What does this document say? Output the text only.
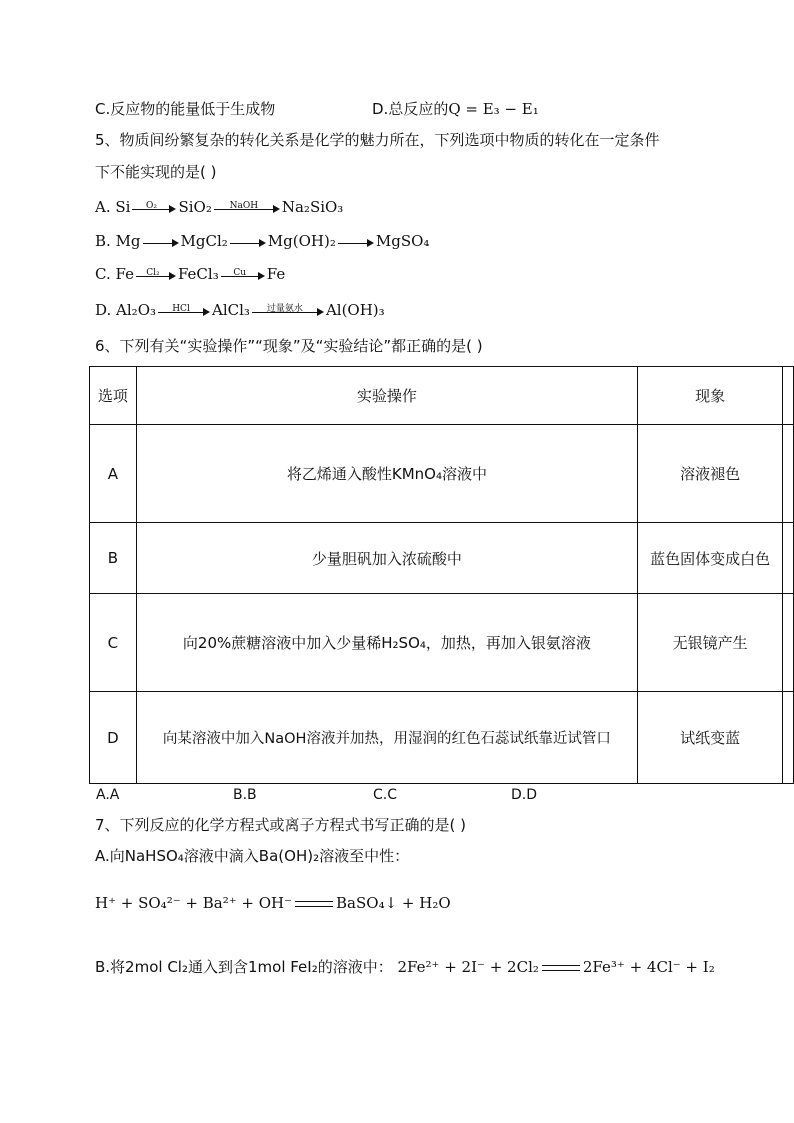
C.反应物的能量低于生成物	D.总反应的Q = E₃ − E₁
5、物质间纷繁复杂的转化关系是化学的魅力所在，下列选项中物质的转化在一定条件
下不能实现的是( )
A. Si	O₂	SiO₂	NaOH	Na₂SiO₃
B. Mg	MgCl₂	Mg(OH)₂	MgSO₄
C. Fe	Cl₂	FeCl₃	Cu	Fe
D. Al₂O₃	HCl	AlCl₃	过量氨水	Al(OH)₃
6、下列有关“实验操作”“现象”及“实验结论”都正确的是( )
选项	实验操作	现象	
A	将乙烯通入酸性KMnO₄溶液中	溶液褪色	
B	少量胆矾加入浓硫酸中	蓝色固体变成白色	
C	向20%蔗糖溶液中加入少量稀H₂SO₄，加热，再加入银氨溶液	无银镜产生	
D	向某溶液中加入NaOH溶液并加热，用湿润的红色石蕊试纸靠近试管口	试纸变蓝	
A.A	B.B	C.C	D.D
7、下列反应的化学方程式或离子方程式书写正确的是( )
A.向NaHSO₄溶液中滴入Ba(OH)₂溶液至中性：
H⁺ + SO₄²⁻ + Ba²⁺ + OH⁻	BaSO₄↓ + H₂O
B.将2mol Cl₂通入到含1mol FeI₂的溶液中： 2Fe²⁺ + 2I⁻ + 2Cl₂	2Fe³⁺ + 4Cl⁻ + I₂
